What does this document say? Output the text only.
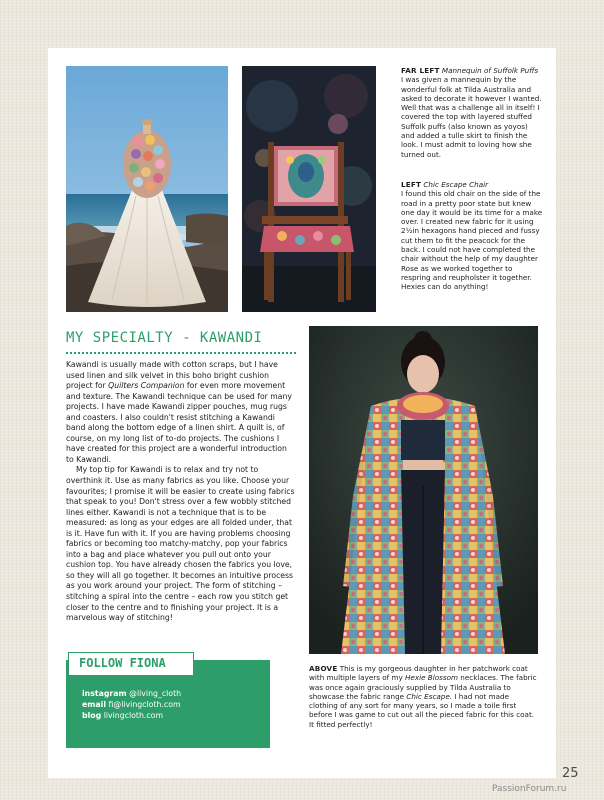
FAR LEFT Mannequin of Suffolk Puffs

I was given a mannequin by the wonderful folk at Tilda Australia and asked to decorate it however I wanted. Well that was a challenge all in itself! I covered the top with layered stuffed Suffolk puffs (also known as yoyos) and added a tulle skirt to finish the look. I must admit to loving how she turned out.

LEFT Chic Escape Chair

I found this old chair on the side of the road in a pretty poor state but knew one day it would be its time for a make over. I created new fabric for it using 2½in hexagons hand pieced and fussy cut them to fit the peacock for the back. I could not have completed the chair without the help of my daughter Rose as we worked together to respring and reupholster it together.

Hexies can do anything!

MY SPECIALTY - KAWANDI

Kawandi is usually made with cotton scraps, but I have used linen and silk velvet in this boho bright cushion project for Quilters Companion for even more movement and texture. The Kawandi technique can be used for many projects. I have made Kawandi zipper pouches, mug rugs and coasters. I also couldn't resist stitching a Kawandi band along the bottom edge of a linen shirt. A quilt is, of course, on my long list of to-do projects. The cushions I have created for this project are a wonderful introduction to Kawandi.

My top tip for Kawandi is to relax and try not to overthink it. Use as many fabrics as you like. Choose your favourites; I promise it will be easier to create using fabrics that speak to you! Don't stress over a few wobbly stitched lines either. Kawandi is not a technique that is to be measured: as long as your edges are all folded under, that is it. Have fun with it. If you are having problems choosing fabrics or becoming too matchy-matchy, pop your fabrics into a bag and place whatever you pull out onto your cushion top. You have already chosen the fabrics you love, so they will all go together. It becomes an intuitive process as you work around your project. The form of stitching – stitching a spiral into the centre – each row you stitch get closer to the centre and to finishing your project. It is a marvelous way of stitching!

ABOVE This is my gorgeous daughter in her patchwork coat with multiple layers of my Hexie Blossom necklaces. The fabric was once again graciously supplied by Tilda Australia to showcase the fabric range Chic Escape. I had not made clothing of any sort for many years, so I made a toile first before I was game to cut out all the pieced fabric for this coat. It fitted perfectly!

FOLLOW FIONA
instagram @living_cloth
email fi@livingcloth.com
blog livingcloth.com
25
PassionForum.ru
